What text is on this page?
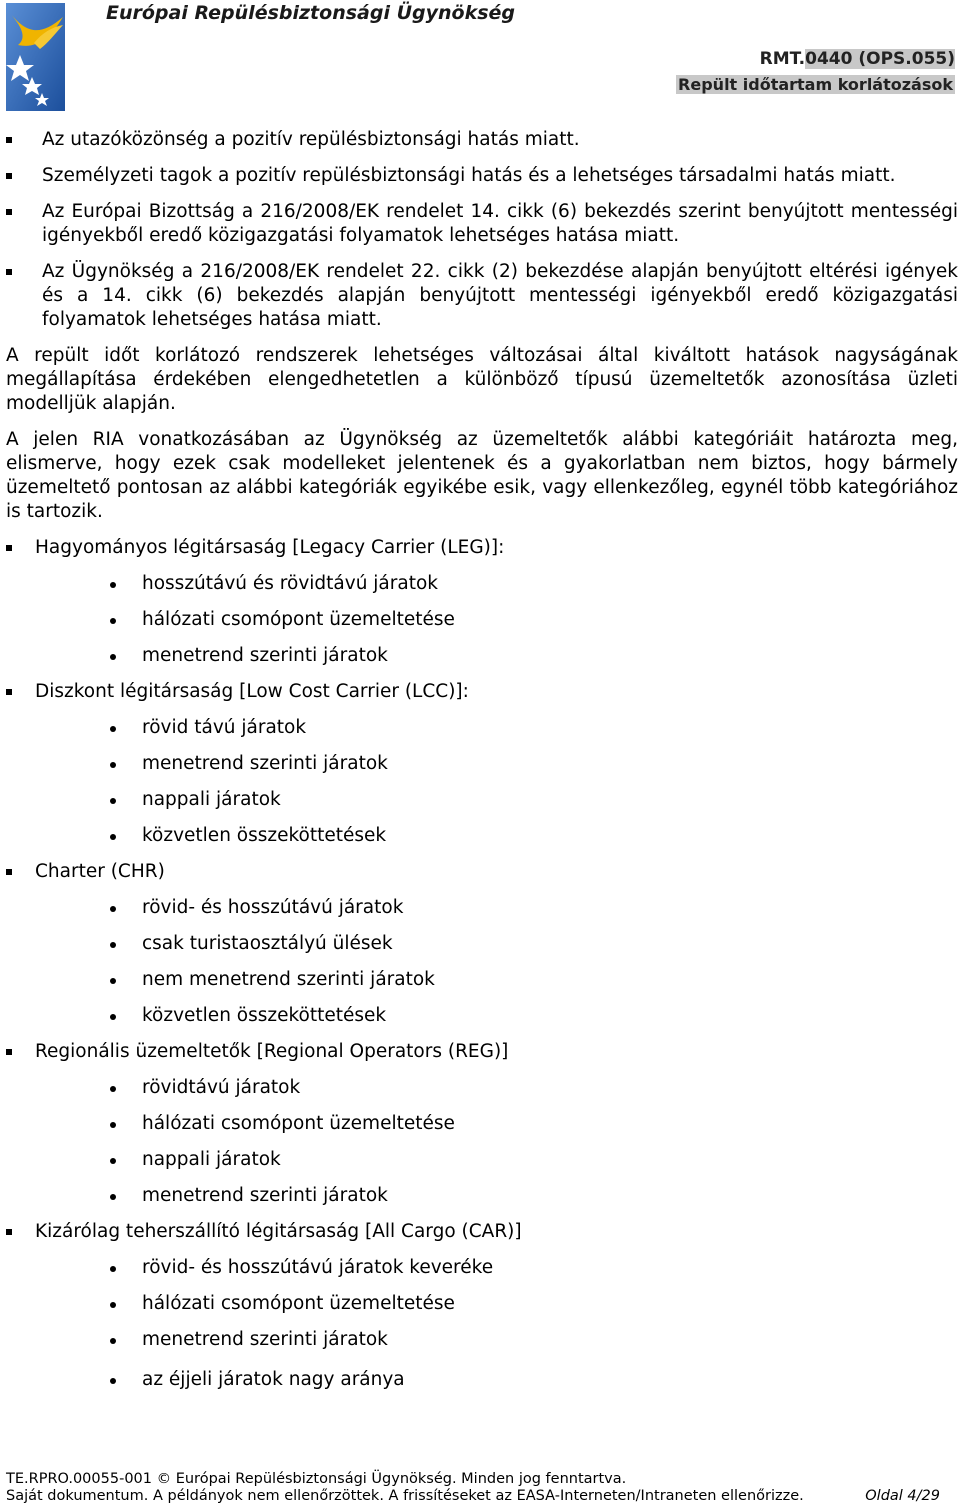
Európai Repülésbiztonsági Ügynökség
RMT.0440 (OPS.055)
Repült időtartam korlátozások
Az utazóközönség a pozitív repülésbiztonsági hatás miatt.
Személyzeti tagok a pozitív repülésbiztonsági hatás és a lehetséges társadalmi hatás miatt.
Az Európai Bizottság a 216/2008/EK rendelet 14. cikk (6) bekezdés szerint benyújtott mentességi igényekből eredő közigazgatási folyamatok lehetséges hatása miatt.
Az Ügynökség a 216/2008/EK rendelet 22. cikk (2) bekezdése alapján benyújtott eltérési igények és a 14. cikk (6) bekezdés alapján benyújtott mentességi igényekből eredő közigazgatási folyamatok lehetséges hatása miatt.

A repült időt korlátozó rendszerek lehetséges változásai által kiváltott hatások nagyságának megállapítása érdekében elengedhetetlen a különböző típusú üzemeltetők azonosítása üzleti modelljük alapján.

A jelen RIA vonatkozásában az Ügynökség az üzemeltetők alábbi kategóriáit határozta meg, elismerve, hogy ezek csak modelleket jelentenek és a gyakorlatban nem biztos, hogy bármely üzemeltető pontosan az alábbi kategóriák egyikébe esik, vagy ellenkezőleg, egynél több kategóriához is tartozik.

Hagyományos légitársaság [Legacy Carrier (LEG)]:
hosszútávú és rövidtávú járatok
hálózati csomópont üzemeltetése
menetrend szerinti járatok
Diszkont légitársaság [Low Cost Carrier (LCC)]:
rövid távú járatok
menetrend szerinti járatok
nappali járatok
közvetlen összeköttetések
Charter (CHR)
rövid- és hosszútávú járatok
csak turistaosztályú ülések
nem menetrend szerinti járatok
közvetlen összeköttetések
Regionális üzemeltetők [Regional Operators (REG)]
rövidtávú járatok
hálózati csomópont üzemeltetése
nappali járatok
menetrend szerinti járatok
Kizárólag teherszállító légitársaság [All Cargo (CAR)]
rövid- és hosszútávú járatok keveréke
hálózati csomópont üzemeltetése
menetrend szerinti járatok
az éjjeli járatok nagy aránya
TE.RPRO.00055-001 © Európai Repülésbiztonsági Ügynökség. Minden jog fenntartva.
Saját dokumentum. A példányok nem ellenőrzöttek. A frissítéseket az EASA-Interneten/Intraneten ellenőrizze.	Oldal 4/29
